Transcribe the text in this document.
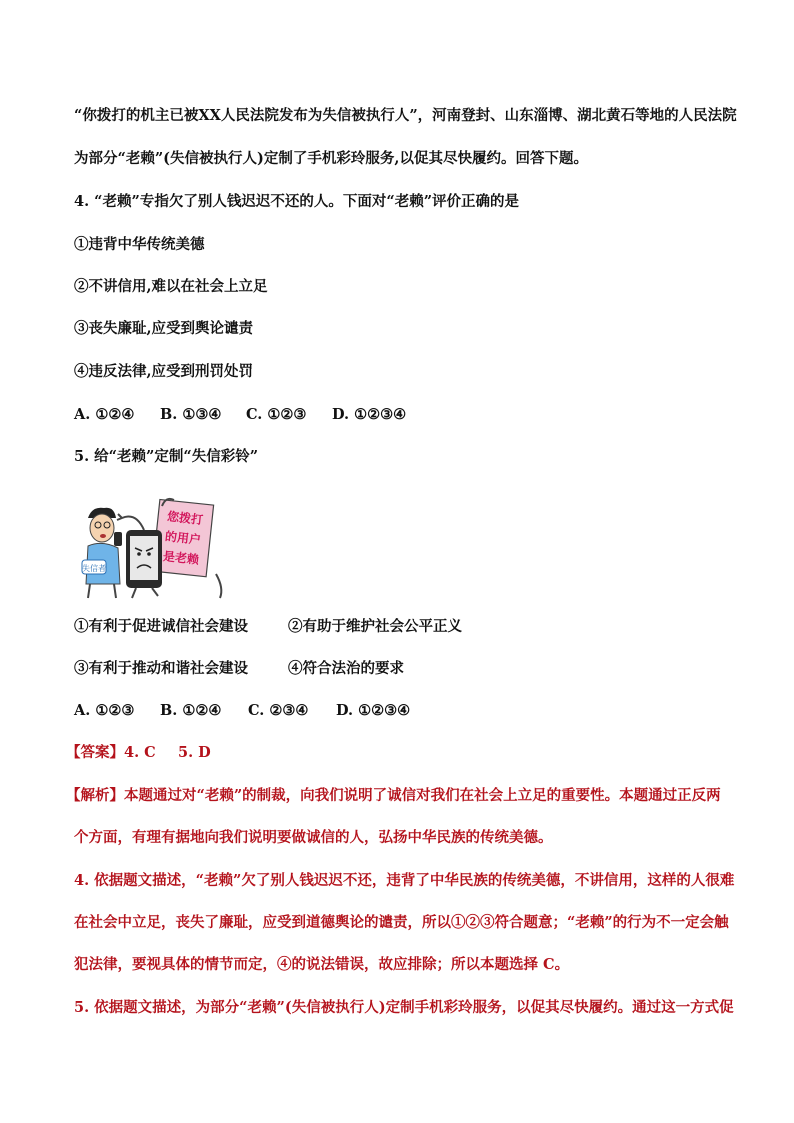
“你拨打的机主已被XX人民法院发布为失信被执行人”，河南登封、山东淄博、湖北黄石等地的人民法院
为部分“老赖”(失信被执行人)定制了手机彩玲服务,以促其尽快履约。回答下题。
4. “老赖”专指欠了别人钱迟迟不还的人。下面对“老赖”评价正确的是
①违背中华传统美德
②不讲信用,难以在社会上立足
③丧失廉耻,应受到舆论谴责
④违反法律,应受到刑罚处罚
A. ①②④ B. ①③④ C. ①②③ D. ①②③④
5. 给“老赖”定制“失信彩铃”
您拨打
的用户
是老赖
失信者
①有利于促进诚信社会建设	②有助于维护社会公平正义
③有利于推动和谐社会建设	④符合法治的要求
A. ①②③ B. ①②④ C. ②③④ D. ①②③④
【答案】4. C 5. D
【解析】本题通过对“老赖”的制裁，向我们说明了诚信对我们在社会上立足的重要性。本题通过正反两
个方面，有理有据地向我们说明要做诚信的人，弘扬中华民族的传统美德。
4. 依据题文描述，“老赖”欠了别人钱迟迟不还，违背了中华民族的传统美德，不讲信用，这样的人很难
在社会中立足，丧失了廉耻，应受到道德舆论的谴责，所以①②③符合题意；“老赖”的行为不一定会触
犯法律，要视具体的情节而定，④的说法错误，故应排除；所以本题选择 C。
5. 依据题文描述，为部分“老赖”(失信被执行人)定制手机彩玲服务，以促其尽快履约。通过这一方式促
